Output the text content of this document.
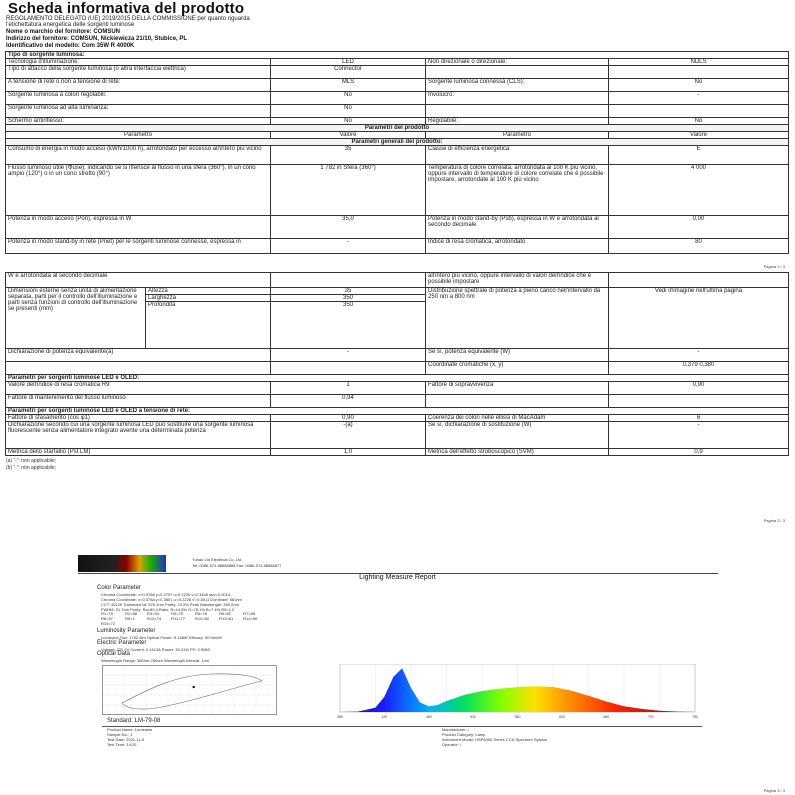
Scheda informativa del prodotto
REGOLAMENTO DELEGATO (UE) 2019/2015 DELLA COMMISSIONE per quanto riguarda
l'etichettatura energetica delle sorgenti luminose
Nome o marchio del fornitore: COMSUN
Indirizzo del fornitore: COMSUN, Nickiewicza 21/10, Stubice, PL
Identificativo del modello: Com 35W R 4000K
Tipo di sorgente luminosa:			
Tecnologia d'illuminazione:	LED	Non direzionale o direzionale:	NDLS
Tipo di attacco della sorgente luminosa (o altra interfaccia elettrica)	Connector		
A tensione di rete o non a tensione di rete:	MLS	Sorgente luminosa connessa (CLS):	No
Sorgente luminosa a colori regolabili:	No	Involucro:	-
Sorgente luminosa ad alta luminanza:	No		
Schermo antiriflesso:	No	Regolabile:	No
Parametri del prodotto			
Parametro	Valore	Parametro	Valore
Parametri generali del prodotto:			
Consumo di energia in modo acceso (kWh/1000 h), arrotondato per eccesso all'intero più vicino	35	Classe di efficienza energetica	E
Flusso luminoso utile (Φuse), indicando se si riferisce al flusso in una sfera (360°), in un cono ampio (120°) o in un cono stretto (90°)	1 782 in Sfera (360°)	Temperatura di colore correlata, arrotondata al 100 K più vicino, oppure intervallo di temperature di colore correlate che è possibile impostare, arrotondate al 100 K più vicino	4 000
Potenza in modo acceso (Pon), espressa in W	35,0	Potenza in modo stand-by (Psb), espressa in W e arrotondata al secondo decimale	0,00
Potenza in modo stand-by in rete (Pnet) per le sorgenti luminose connesse, espressa in	-	Indice di resa cromatica, arrotondato	80
Pagina 1 / 3
W e arrotondata al secondo decimale			all'intero più vicino, oppure intervallo di valori dell'indice che è possibile impostare	
Dimensioni esterne senza unità di alimentazione separata, parti per il controllo dell'illuminazione e parti senza funzioni di controllo dell'illuminazione se presenti (mm)	Altezza	35	Distribuzione spettrale di potenza a pieno carico nell'intervallo da 250 nm a 800 nm	Vedi immagine nell'ultima pagina
	Larghezza	350		
	Profondità	350		
Dichiarazione di potenza equivalente(a)		-	Se sì, potenza equivalente (W)	-
			Coordinate cromatiche (x, y)	0,379 0,380
Parametri per sorgenti luminose LED e OLED:				
Valore dell'indice di resa cromatica R9		1	Fattore di sopravvivenza	0,90
Fattore di mantenimento del flusso luminoso		0,94		
Parametri per sorgenti luminose LED e OLED a tensione di rete:				
Fattore di sfasamento (cos φ1)		0,90	Coerenza dei colori nelle ellissi di MacAdam	6
Dichiarazione secondo cui una sorgente luminosa LED può sostituire una sorgente luminosa fluorescente senza alimentatore integrato avente una determinata potenza		-(a)	Se sì, dichiarazione di sostituzione (W)	-
Metrica dello sfarfallio (Pst LM)		1,0	Metrica dell'effetto stroboscopico (SVM)	0,9
(a) “-”: non applicabile;
(b) “-”: non applicabile;
Pagina 2 / 3
Yuhao Ltd Electrical Co.,Ltd.
Tel: 0086-574-88888888 Fax: 0086-574-88888877
Lighting Measure Report
Color Parameter
Chroma Coordinate: x=0.3788 y=0.3797 u=0.2226 v=0.3346 duv=0.0014
Chroma Coordinate: x=0.3788 y=0.3801 u'=0.2226 v'=0.5011 Dominant: 581nm
CCT: 4012K Dominant λd: 578.1nm Purity: 24.5% Peak Wavelength: 450.0nm
FWHM: 21.7nm Purity: Ra=80.4 Ratio: R=14.5% G=78.1% B=7.4% R9=1.0
R1=79	R2=88	R3=94	R4=79	R5=78	R6=82	R7=85
R8=57	R9=1	R10=74	R11=77	R12=60	R13=81	R14=96
R15=72						
Luminosity Parameter
Luminous Flux: 1782.3lm Optical Power: 5.158W Efficacy: 50.9lm/W
Electric Parameter
Voltage: 220.0V Current: 0.1613A Power: 35.01W PF: 0.9083
Optical Data
Wavelength Range: 380nm-780nm Wavelength Interval: 1nm
380	430	480	530	580	630	680	730	780
Standard: LM-79-08
Product Name: Luminaire
Sample No.: 1
Test Date: 2021-11-5
Test Time: 14:20
Manufacturer: /
Product Category: Lamp
Instrument Model: HSP6000 Series CCD Spectrum System
Operator: /
Pagina 3 / 3
